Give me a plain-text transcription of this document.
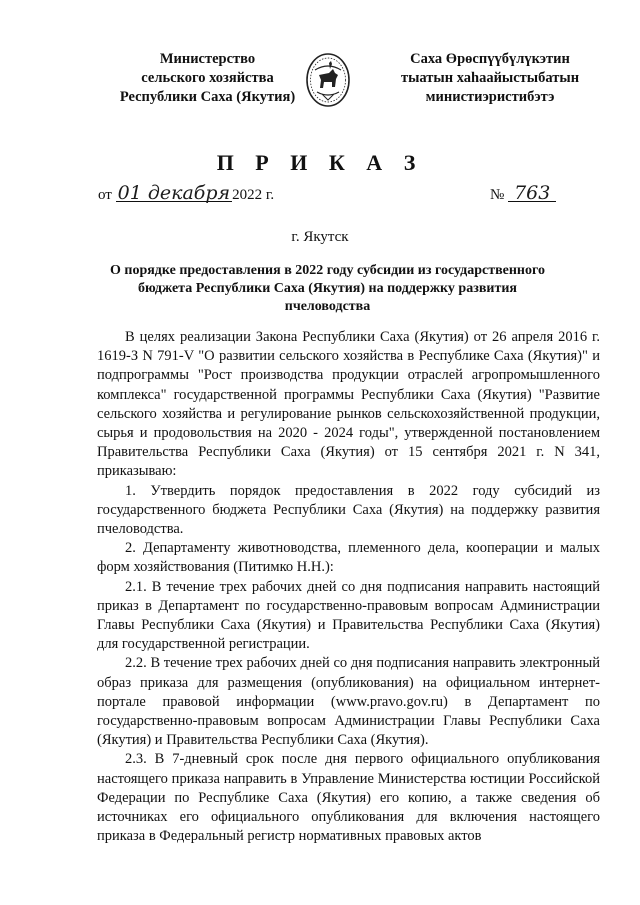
Министерство
сельского хозяйства
Республики Саха (Якутия)
Саха Өрөспүүбүлүкэтин
тыатын хаһаайыстыбатын
министиэристибэтэ
П Р И К А З
от 01 декабря 2022 г.	№ 763
г. Якутск
О порядке предоставления в 2022 году субсидии из государственного бюджета Республики Саха (Якутия) на поддержку развития пчеловодства

В целях реализации Закона Республики Саха (Якутия) от 26 апреля 2016 г. 1619-З N 791-V "О развитии сельского хозяйства в Республике Саха (Якутия)" и подпрограммы "Рост производства продукции отраслей агропромышленного комплекса" государственной программы Республики Саха (Якутия) "Развитие сельского хозяйства и регулирование рынков сельскохозяйственной продукции, сырья и продовольствия на 2020 - 2024 годы", утвержденной постановлением Правительства Республики Саха (Якутия) от 15 сентября 2021 г. N 341, приказываю:

1. Утвердить порядок предоставления в 2022 году субсидий из государственного бюджета Республики Саха (Якутия) на поддержку развития пчеловодства.

2. Департаменту животноводства, племенного дела, кооперации и малых форм хозяйствования (Питимко Н.Н.):

2.1. В течение трех рабочих дней со дня подписания направить настоящий приказ в Департамент по государственно-правовым вопросам Администрации Главы Республики Саха (Якутия) и Правительства Республики Саха (Якутия) для государственной регистрации.

2.2. В течение трех рабочих дней со дня подписания направить электронный образ приказа для размещения (опубликования) на официальном интернет-портале правовой информации (www.pravo.gov.ru) в Департамент по государственно-правовым вопросам Администрации Главы Республики Саха (Якутия) и Правительства Республики Саха (Якутия).

2.3. В 7-дневный срок после дня первого официального опубликования настоящего приказа направить в Управление Министерства юстиции Российской Федерации по Республике Саха (Якутия) его копию, а также сведения об источниках его официального опубликования для включения настоящего приказа в Федеральный регистр нормативных правовых актов
